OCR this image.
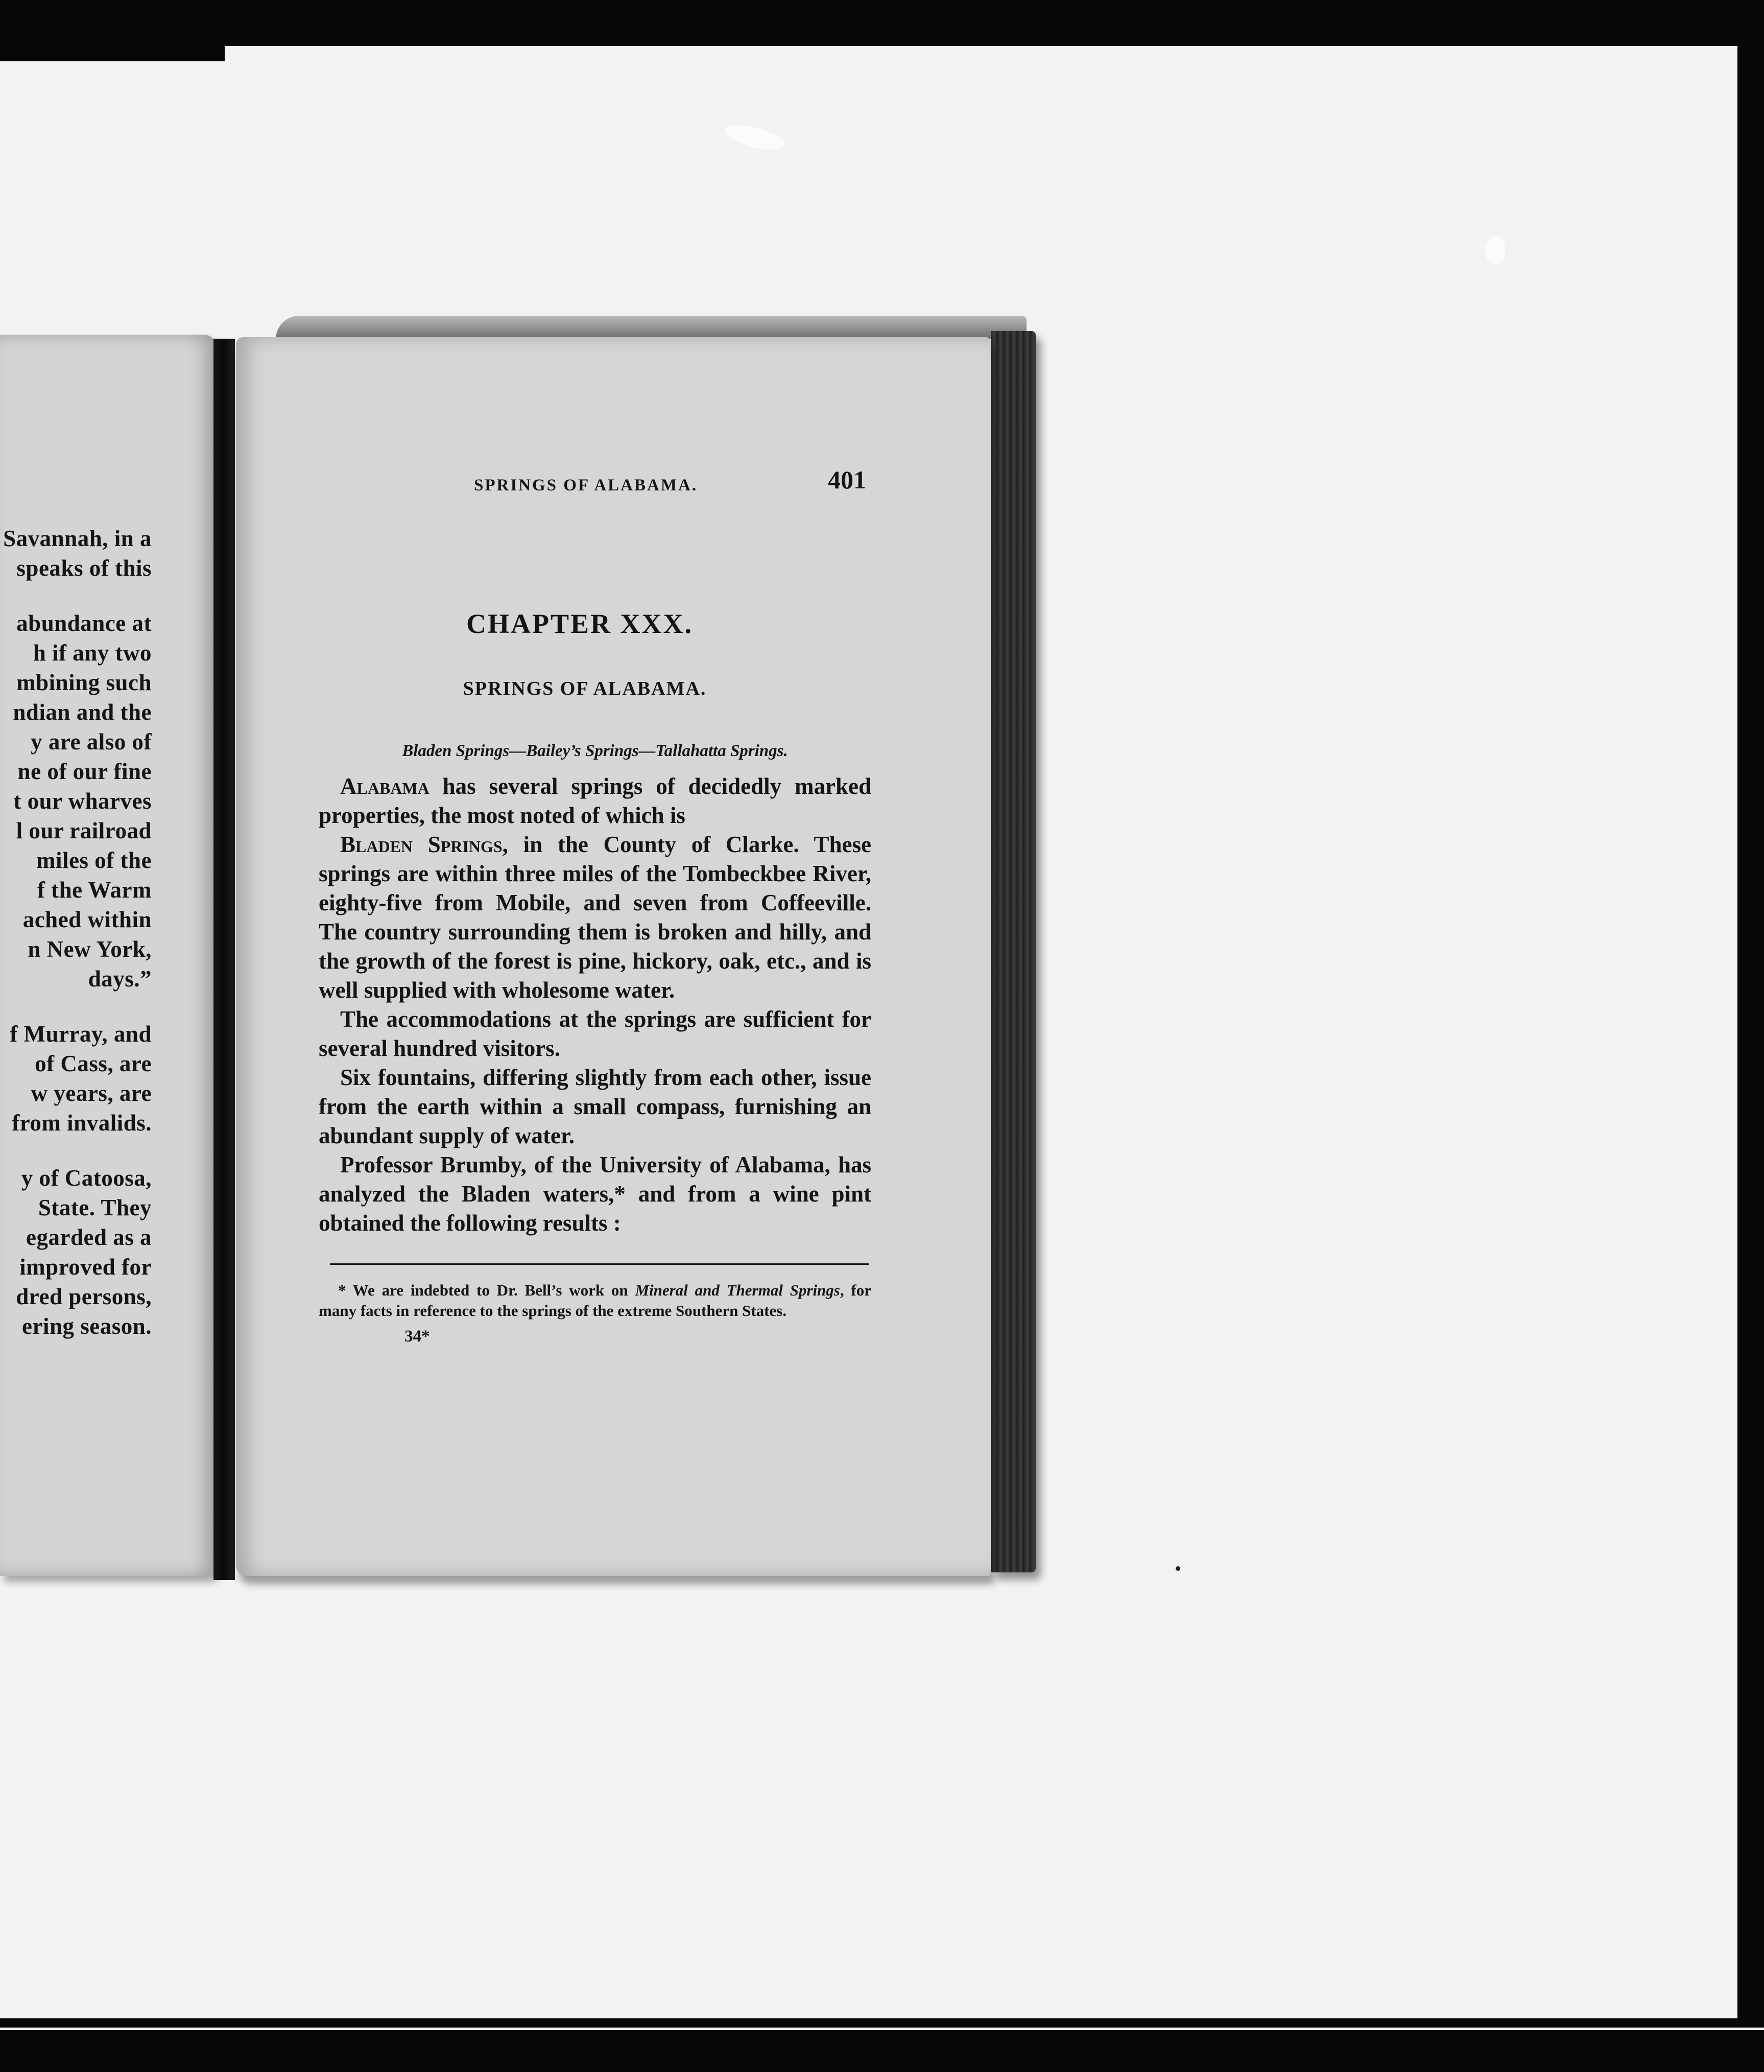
Savannah, in a
speaks of this
abundance at
h if any two
mbining such
ndian and the
y are also of
ne of our fine
t our wharves
l our railroad
miles of the
f the Warm
ached within
n New York,
days.”
f Murray, and
of Cass, are
w years, are
from invalids.
y of Catoosa,
State. They
egarded as a
improved for
dred persons,
ering season.
SPRINGS OF ALABAMA.	401
CHAPTER XXX.
SPRINGS OF ALABAMA.
Bladen Springs—Bailey’s Springs—Tallahatta Springs.

Alabama has several springs of decidedly marked properties, the most noted of which is

Bladen Springs, in the County of Clarke. These springs are within three miles of the Tombeckbee River, eighty-five from Mobile, and seven from Coffeeville. The country surrounding them is broken and hilly, and the growth of the forest is pine, hickory, oak, etc., and is well supplied with wholesome water.

The accommodations at the springs are sufficient for several hundred visitors.

Six fountains, differing slightly from each other, issue from the earth within a small compass, furnishing an abundant supply of water.

Professor Brumby, of the University of Alabama, has analyzed the Bladen waters,* and from a wine pint obtained the following results :

* We are indebted to Dr. Bell’s work on Mineral and Thermal Springs, for many facts in reference to the springs of the extreme Southern States.
34*
